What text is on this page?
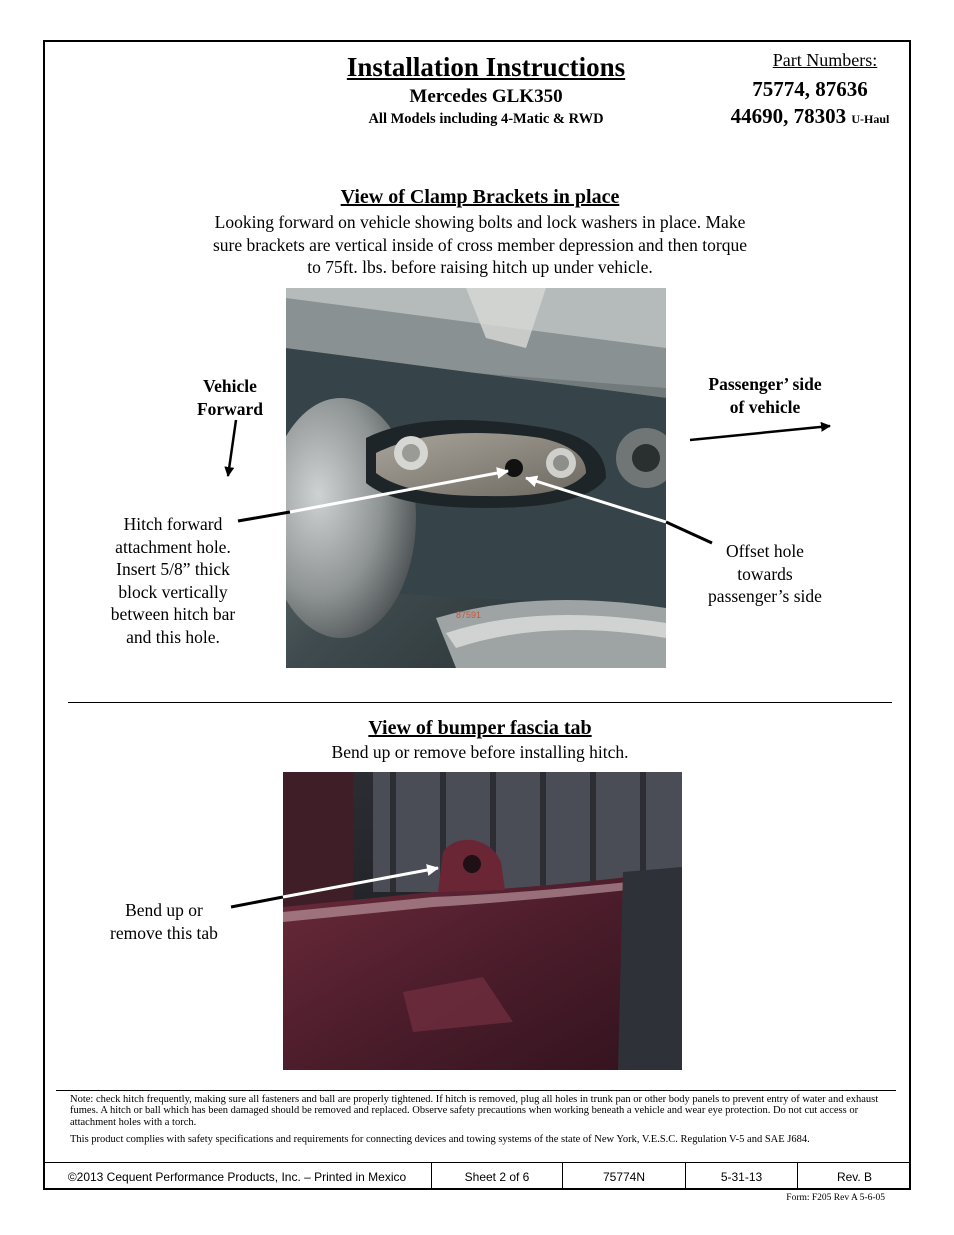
Installation Instructions
Mercedes GLK350
All Models including 4-Matic & RWD
Part Numbers:
75774, 87636
44690, 78303 U-Haul
View of Clamp Brackets in place
Looking forward on vehicle showing bolts and lock washers in place. Make
sure brackets are vertical inside of cross member depression and then torque
to 75ft. lbs. before raising hitch up under vehicle.
87591
Vehicle
Forward
Passenger’ side
of vehicle
Hitch forward
attachment hole.
Insert 5/8” thick
block vertically
between hitch bar
and this hole.
Offset hole
towards
passenger’s side
View of bumper fascia tab
Bend up or remove before installing hitch.
Bend up or
remove this tab
Note: check hitch frequently, making sure all fasteners and ball are properly tightened. If hitch is removed, plug all holes in trunk pan or other body panels to prevent entry of water and exhaust fumes. A hitch or ball which has been damaged should be removed and replaced. Observe safety precautions when working beneath a vehicle and wear eye protection. Do not cut access or attachment holes with a torch.
This product complies with safety specifications and requirements for connecting devices and towing systems of the state of New York, V.E.S.C. Regulation V-5 and SAE J684.
© 2013 Cequent Performance Products, Inc. – Printed in Mexico	Sheet 2 of 6	75774N	5-31-13	Rev. B
Form: F205 Rev A 5-6-05
